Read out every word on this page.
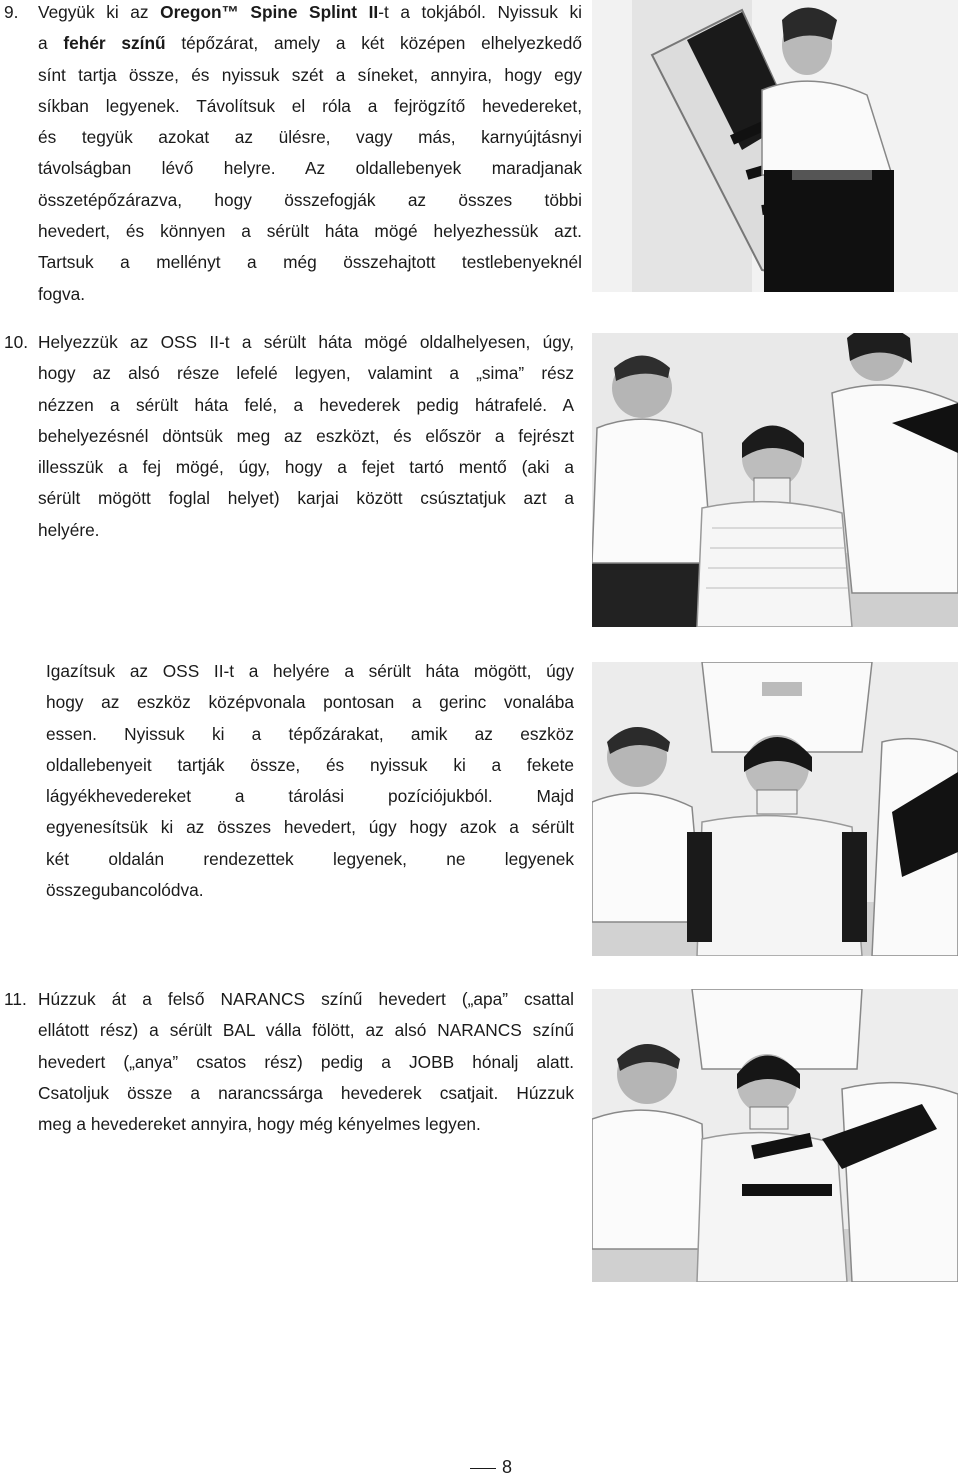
9. Vegyük ki az Oregon™ Spine Splint II-t a tokjából. Nyissuk ki
a fehér színű tépőzárat, amely a két középen elhelyezkedő
sínt tartja össze, és nyissuk szét a síneket, annyira, hogy egy
síkban legyenek. Távolítsuk el róla a fejrögzítő hevedereket,
és tegyük azokat az ülésre, vagy más, karnyújtásnyi
távolságban lévő helyre. Az oldallebenyek maradjanak
összetépőzárazva, hogy összefogják az összes többi
hevedert, és könnyen a sérült háta mögé helyezhessük azt.
Tartsuk a mellényt a még összehajtott testlebenyeknél
fogva.
10. Helyezzük az OSS II-t a sérült háta mögé oldalhelyesen, úgy,
hogy az alsó része lefelé legyen, valamint a „sima” rész
nézzen a sérült háta felé, a hevederek pedig hátrafelé. A
behelyezésnél döntsük meg az eszközt, és először a fejrészt
illesszük a fej mögé, úgy, hogy a fejet tartó mentő (aki a
sérült mögött foglal helyet) karjai között csúsztatjuk azt a
helyére.
Igazítsuk az OSS II-t a helyére a sérült háta mögött, úgy
hogy az eszköz középvonala pontosan a gerinc vonalába
essen. Nyissuk ki a tépőzárakat, amik az eszköz
oldallebenyeit tartják össze, és nyissuk ki a fekete
lágyékhevedereket a tárolási pozíciójukból. Majd
egyenesítsük ki az összes hevedert, úgy hogy azok a sérült
két oldalán rendezettek legyenek, ne legyenek
összegubancolódva.
11. Húzzuk át a felső NARANCS színű hevedert („apa” csattal
ellátott rész) a sérült BAL válla fölött, az alsó NARANCS színű
hevedert („anya” csatos rész) pedig a JOBB hónalj alatt.
Csatoljuk össze a narancssárga hevederek csatjait. Húzzuk
meg a hevedereket annyira, hogy még kényelmes legyen.
8
